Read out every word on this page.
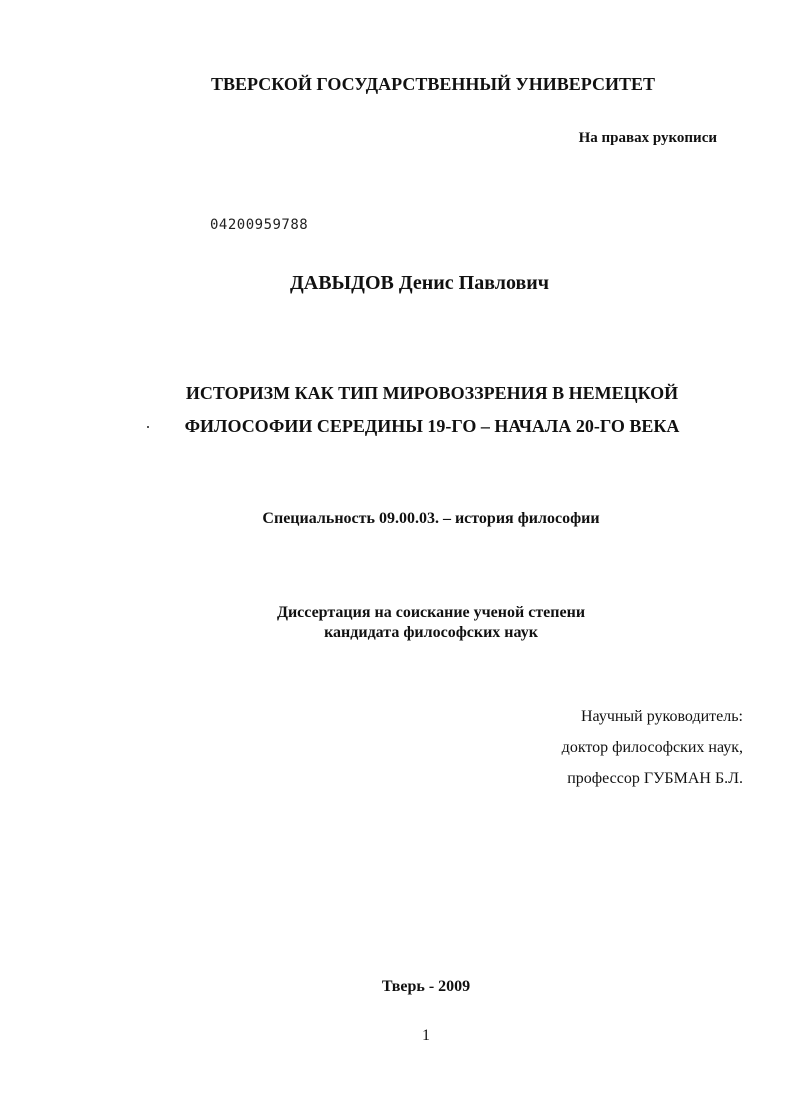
ТВЕРСКОЙ ГОСУДАРСТВЕННЫЙ УНИВЕРСИТЕТ
На правах рукописи
04200959788
ДАВЫДОВ Денис Павлович
ИСТОРИЗМ КАК ТИП МИРОВОЗЗРЕНИЯ В НЕМЕЦКОЙ
ФИЛОСОФИИ СЕРЕДИНЫ 19-ГО – НАЧАЛА 20-ГО ВЕКА
Специальность 09.00.03. – история философии
Диссертация на соискание ученой степени
кандидата философских наук
Научный руководитель:
доктор философских наук,
профессор ГУБМАН Б.Л.
Тверь - 2009
1
